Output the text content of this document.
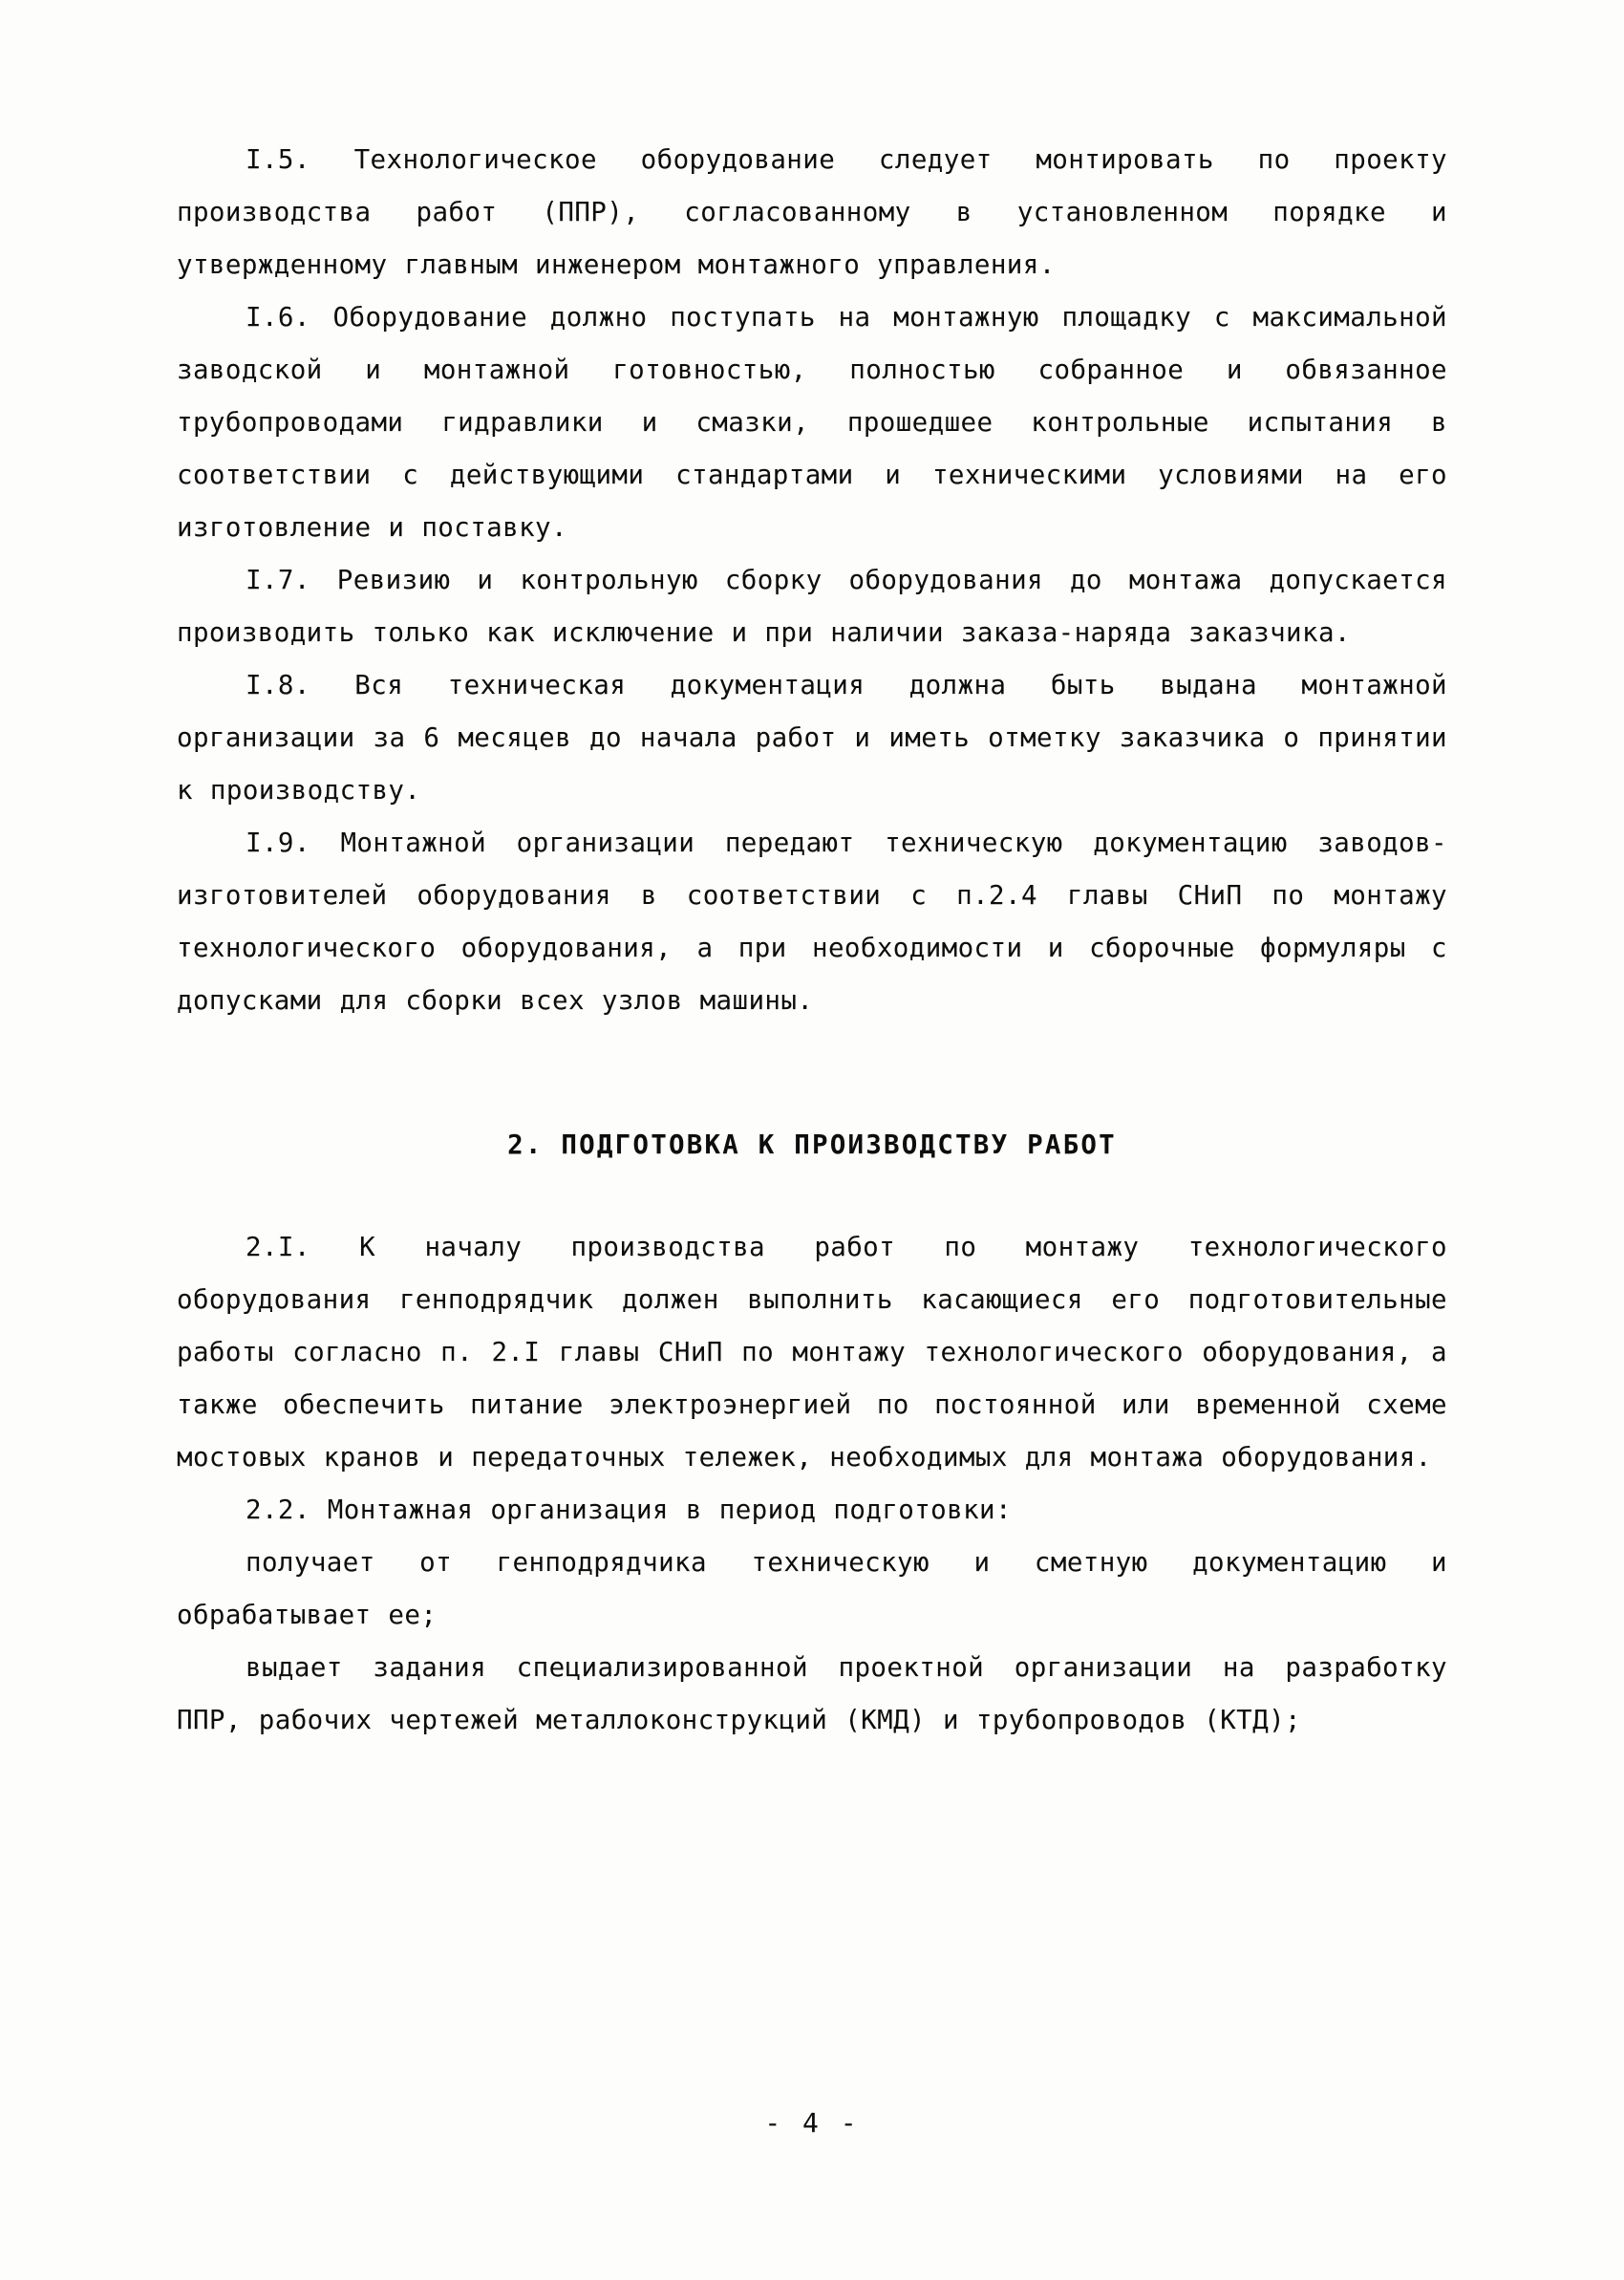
I.5. Технологическое оборудование следует монтировать по проекту производства работ (ППР), согласованному в установленном порядке и утвержденному главным инженером монтажного управления.

I.6. Оборудование должно поступать на монтажную площадку с максимальной заводской и монтажной готовностью, полностью собранное и обвязанное трубопроводами гидравлики и смазки, прошедшее контрольные испытания в соответствии с действующими стандартами и техническими условиями на его изготовление и поставку.

I.7. Ревизию и контрольную сборку оборудования до монтажа допускается производить только как исключение и при наличии заказа-наряда заказчика.

I.8. Вся техническая документация должна быть выдана монтажной организации за 6 месяцев до начала работ и иметь отметку заказчика о принятии к производству.

I.9. Монтажной организации передают техническую документацию заводов-изготовителей оборудования в соответствии с п.2.4 главы СНиП по монтажу технологического оборудования, а при необходимости и сборочные формуляры с допусками для сборки всех узлов машины.

2. ПОДГОТОВКА К ПРОИЗВОДСТВУ РАБОТ

2.I. К началу производства работ по монтажу технологического  оборудования генподрядчик должен выполнить касающиеся его подготовительные работы согласно п. 2.I главы СНиП по монтажу технологического оборудования, а также обеспечить питание электроэнергией по постоянной или временной схеме мостовых кранов и передаточных тележек, необходимых для монтажа оборудования.

2.2. Монтажная организация в период подготовки:

получает от генподрядчика техническую и сметную документацию и обрабатывает ее;

выдает задания специализированной проектной организации на разработку ППР, рабочих чертежей металлоконструкций (КМД) и трубопроводов (КТД);

- 4 -
